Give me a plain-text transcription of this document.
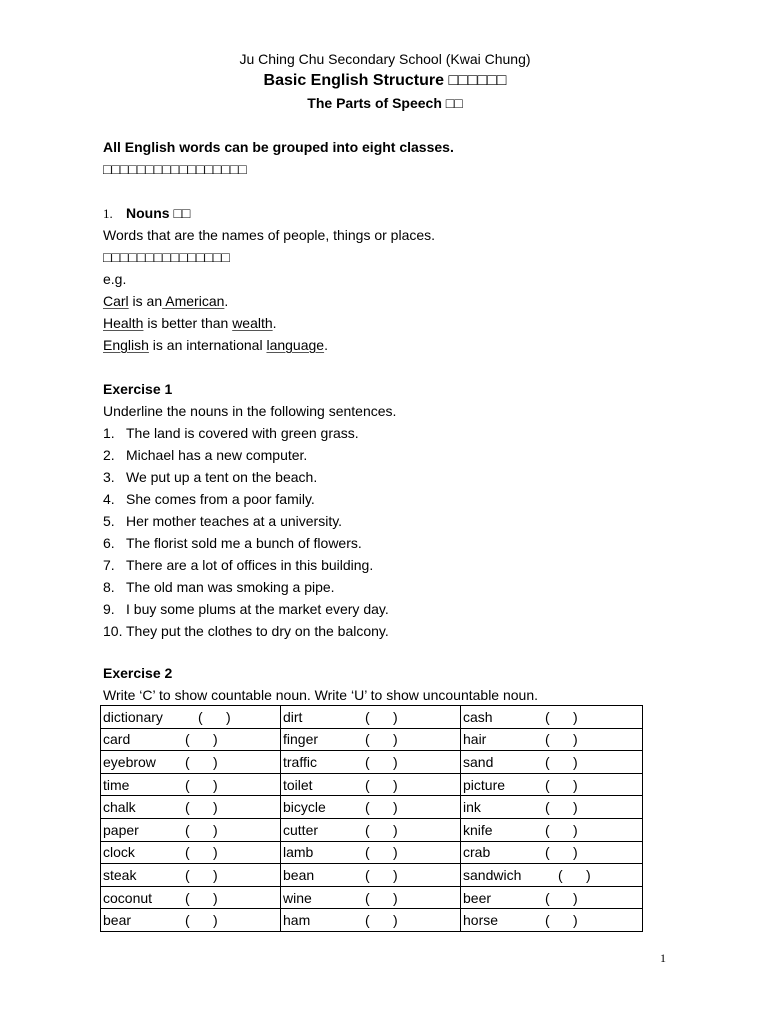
Ju Ching Chu Secondary School (Kwai Chung)
Basic English Structure □□□□□□
The Parts of Speech □□
All English words can be grouped into eight classes.
□□□□□□□□□□□□□□□□□
1. Nouns □□
Words that are the names of people, things or places.
□□□□□□□□□□□□□□□
e.g.
Carl is an American.
Health is better than wealth.
English is an international language.
Exercise 1
Underline the nouns in the following sentences.
1. The land is covered with green grass.
2. Michael has a new computer.
3. We put up a tent on the beach.
4. She comes from a poor family.
5. Her mother teaches at a university.
6. The florist sold me a bunch of flowers.
7. There are a lot of offices in this building.
8. The old man was smoking a pipe.
9. I buy some plums at the market every day.
10. They put the clothes to dry on the balcony.
Exercise 2
Write ‘C’ to show countable noun. Write ‘U’ to show uncountable noun.
dictionary (      )	dirt (      )	cash (      )
card (      )	finger (      )	hair (      )
eyebrow (      )	traffic (      )	sand (      )
time (      )	toilet (      )	picture (      )
chalk (      )	bicycle (      )	ink (      )
paper (      )	cutter (      )	knife (      )
clock (      )	lamb (      )	crab (      )
steak (      )	bean (      )	sandwich (      )
coconut (      )	wine (      )	beer (      )
bear (      )	ham (      )	horse (      )
1
